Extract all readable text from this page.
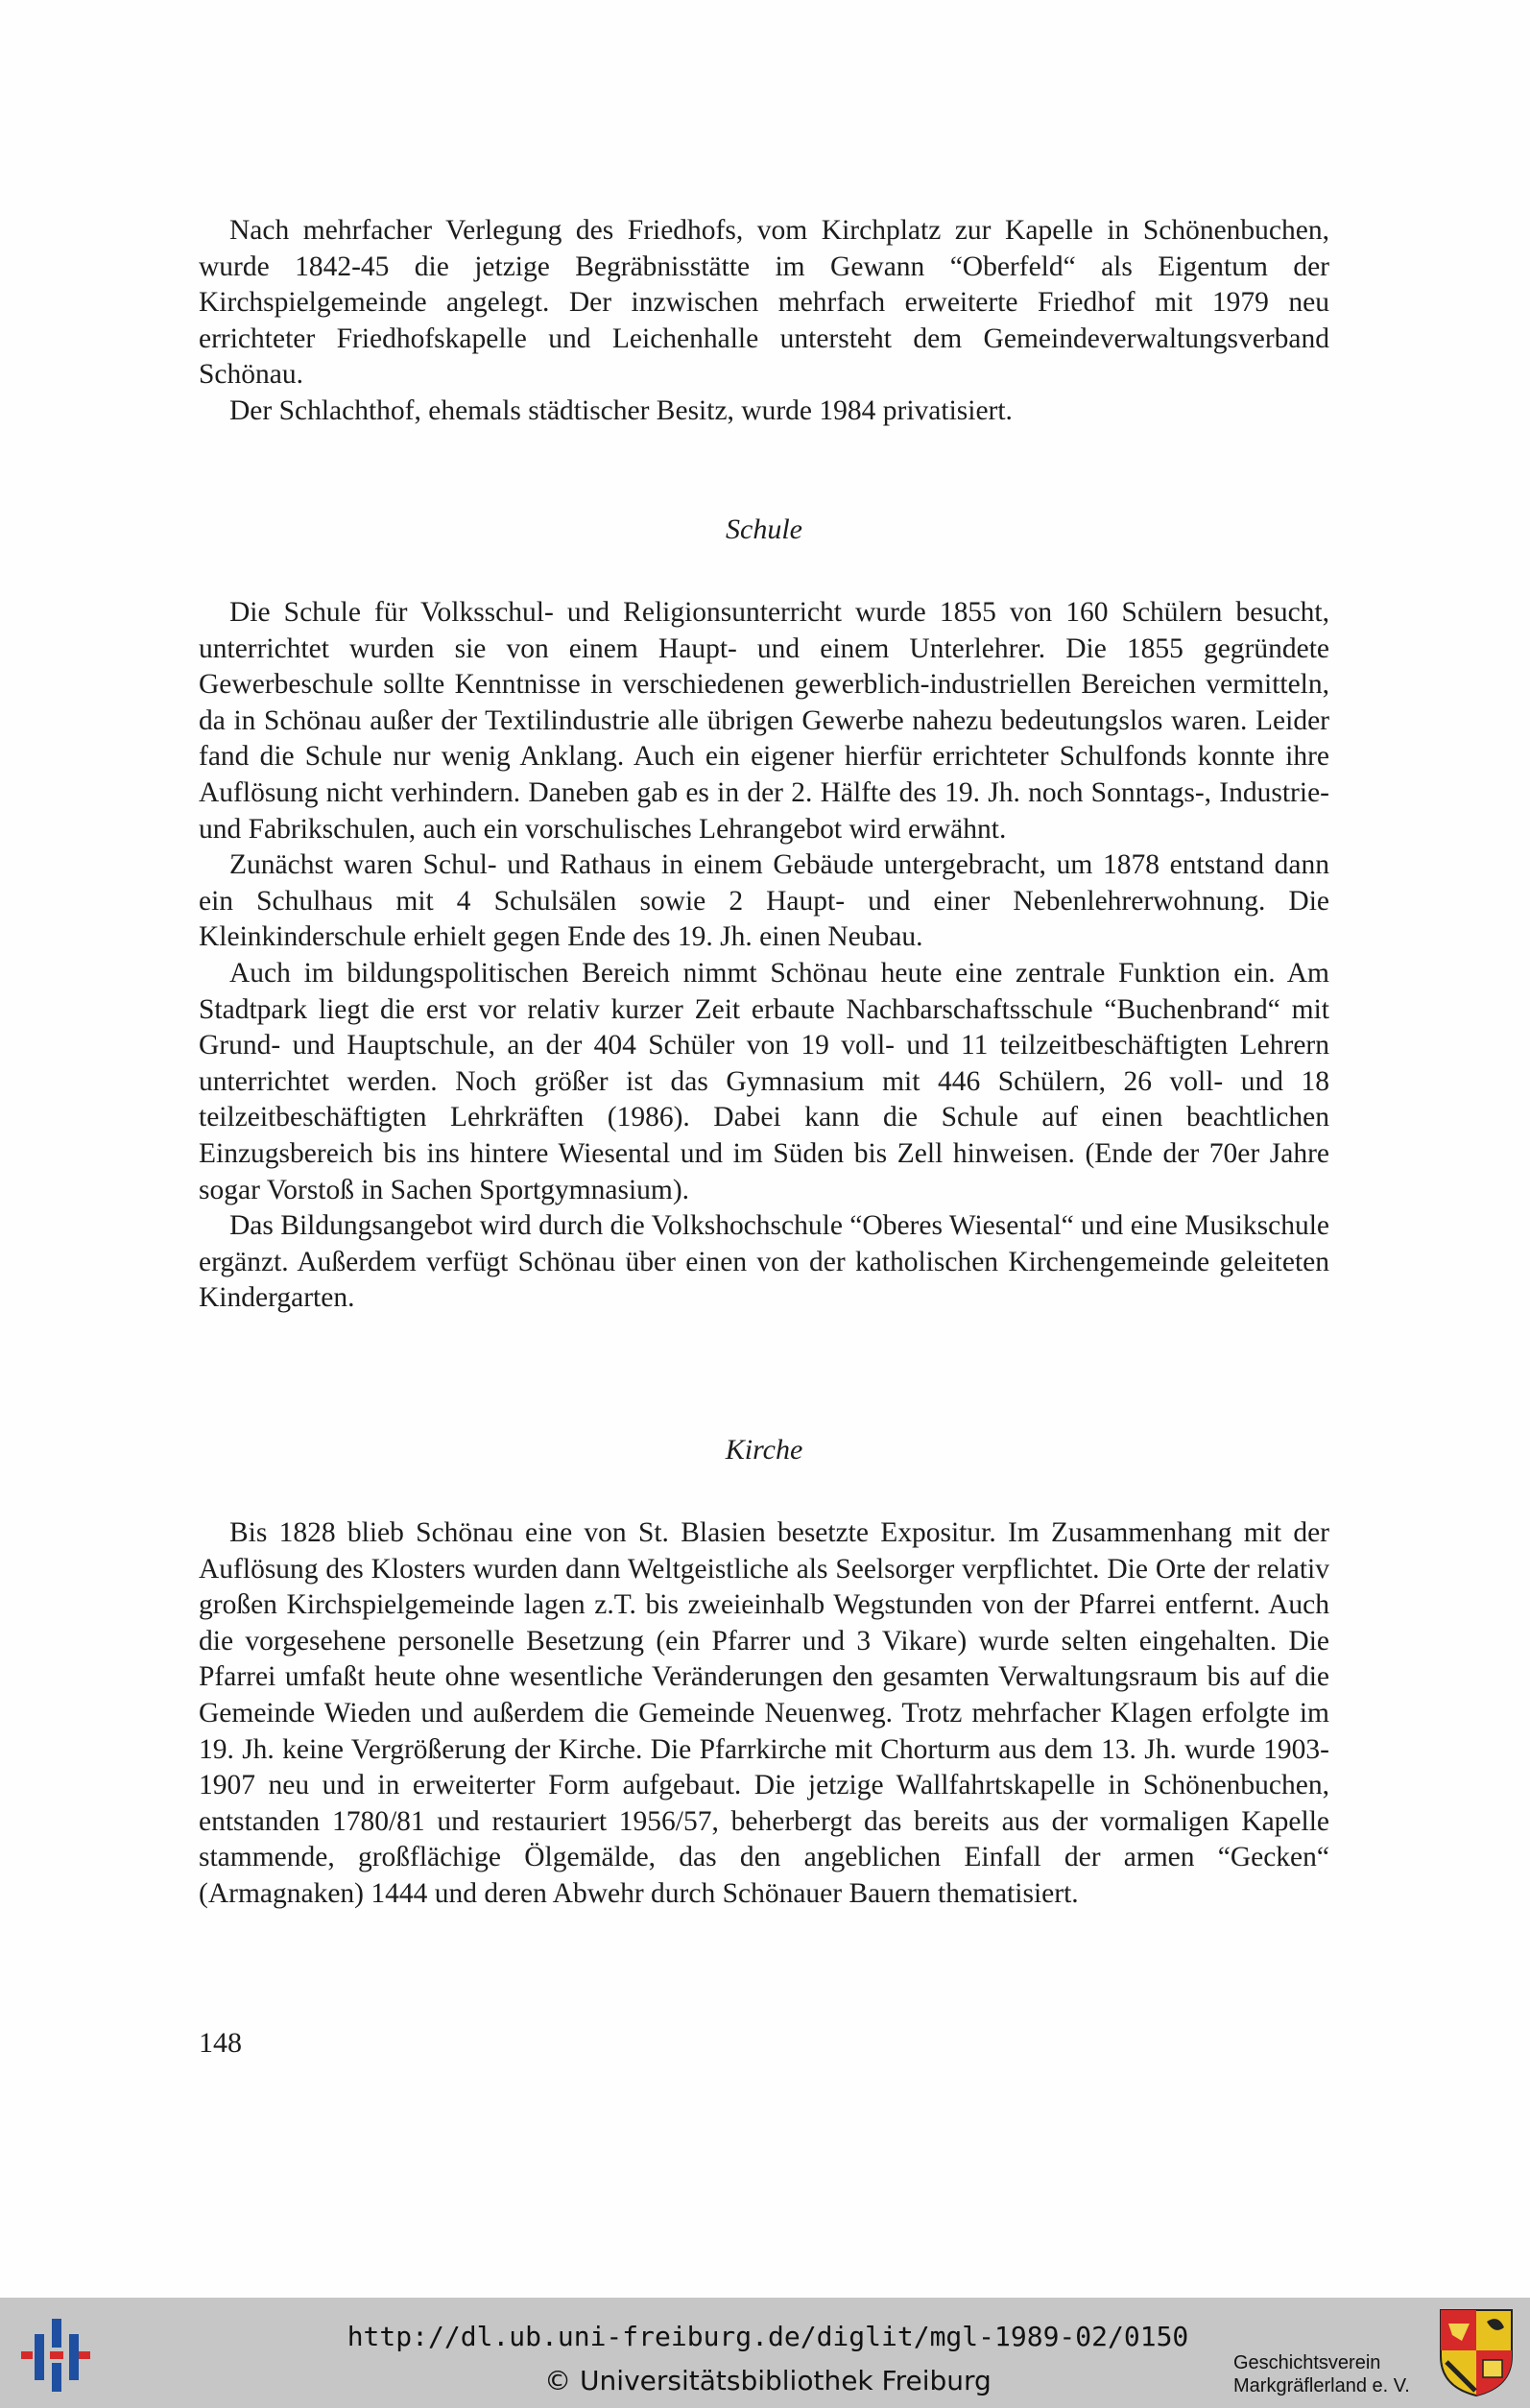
Nach mehrfacher Verlegung des Friedhofs, vom Kirchplatz zur Kapelle in Schönenbuchen, wurde 1842-45 die jetzige Begräbnisstätte im Gewann “Oberfeld“ als Eigentum der Kirchspielgemeinde angelegt. Der inzwischen mehrfach erweiterte Friedhof mit 1979 neu errichteter Friedhofskapelle und Leichenhalle untersteht dem Gemeindeverwaltungsverband Schönau.

Der Schlachthof, ehemals städtischer Besitz, wurde 1984 privatisiert.

Schule

Die Schule für Volksschul- und Religionsunterricht wurde 1855 von 160 Schülern besucht, unterrichtet wurden sie von einem Haupt- und einem Unterlehrer. Die 1855 gegründete Gewerbeschule sollte Kenntnisse in verschiedenen gewerblich-industriellen Bereichen vermitteln, da in Schönau außer der Textilindustrie alle übrigen Gewerbe nahezu bedeutungslos waren. Leider fand die Schule nur wenig Anklang. Auch ein eigener hierfür errichteter Schulfonds konnte ihre Auflösung nicht verhindern. Daneben gab es in der 2. Hälfte des 19. Jh. noch Sonntags-, Industrie- und Fabrikschulen, auch ein vorschulisches Lehrangebot wird erwähnt.

Zunächst waren Schul- und Rathaus in einem Gebäude untergebracht, um 1878 entstand dann ein Schulhaus mit 4 Schulsälen sowie 2 Haupt- und einer Nebenlehrerwohnung. Die Kleinkinderschule erhielt gegen Ende des 19. Jh. einen Neubau.

Auch im bildungspolitischen Bereich nimmt Schönau heute eine zentrale Funktion ein. Am Stadtpark liegt die erst vor relativ kurzer Zeit erbaute Nachbarschaftsschule “Buchenbrand“ mit Grund- und Hauptschule, an der 404 Schüler von 19 voll- und 11 teilzeitbeschäftigten Lehrern unterrichtet werden. Noch größer ist das Gymnasium mit 446 Schülern, 26 voll- und 18 teilzeitbeschäftigten Lehrkräften (1986). Dabei kann die Schule auf einen beachtlichen Einzugsbereich bis ins hintere Wiesental und im Süden bis Zell hinweisen. (Ende der 70er Jahre sogar Vorstoß in Sachen Sportgymnasium).

Das Bildungsangebot wird durch die Volkshochschule “Oberes Wiesental“ und eine Musikschule ergänzt. Außerdem verfügt Schönau über einen von der katholischen Kirchengemeinde geleiteten Kindergarten.

Kirche

Bis 1828 blieb Schönau eine von St. Blasien besetzte Expositur. Im Zusammenhang mit der Auflösung des Klosters wurden dann Weltgeistliche als Seelsorger verpflichtet. Die Orte der relativ großen Kirchspielgemeinde lagen z.T. bis zweieinhalb Wegstunden von der Pfarrei entfernt. Auch die vorgesehene personelle Besetzung (ein Pfarrer und 3 Vikare) wurde selten eingehalten. Die Pfarrei umfaßt heute ohne wesentliche Veränderungen den gesamten Verwaltungsraum bis auf die Gemeinde Wieden und außerdem die Gemeinde Neuenweg. Trotz mehrfacher Klagen erfolgte im 19. Jh. keine Vergrößerung der Kirche. Die Pfarrkirche mit Chorturm aus dem 13. Jh. wurde 1903-1907 neu und in erweiterter Form aufgebaut. Die jetzige Wallfahrtskapelle in Schönenbuchen, entstanden 1780/81 und restauriert 1956/57, beherbergt das bereits aus der vormaligen Kapelle stammende, großflächige Ölgemälde, das den angeblichen Einfall der armen “Gecken“ (Armagnaken) 1444 und deren Abwehr durch Schönauer Bauern thematisiert.

148

http://dl.ub.uni-freiburg.de/diglit/mgl-1989-02/0150

© Universitätsbibliothek Freiburg

Geschichtsverein
Markgräflerland e. V.
